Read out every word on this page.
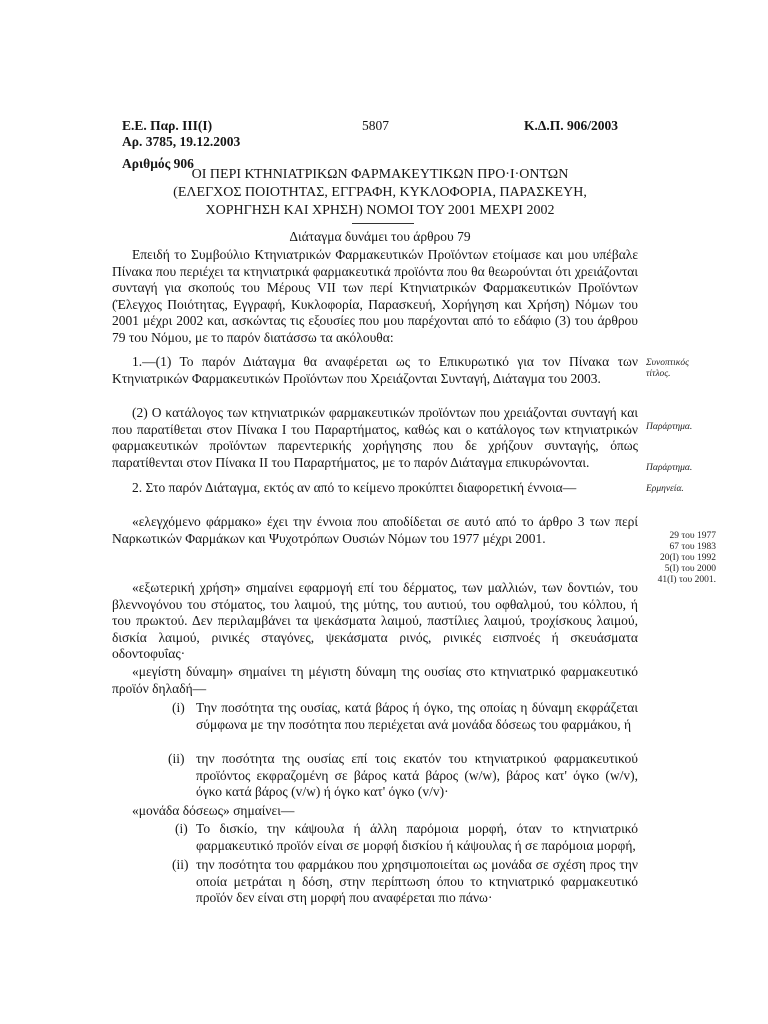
Ε.Ε. Παρ. ΙΙΙ(Ι)
Αρ. 3785, 19.12.2003
5807	Κ.Δ.Π. 906/2003
Αριθμός 906
ΟΙ ΠΕΡΙ ΚΤΗΝΙΑΤΡΙΚΩΝ ΦΑΡΜΑΚΕΥΤΙΚΩΝ ΠΡΟ·Ι·ΟΝΤΩΝ
(ΕΛΕΓΧΟΣ ΠΟΙΟΤΗΤΑΣ, ΕΓΓΡΑΦΗ, ΚΥΚΛΟΦΟΡΙΑ, ΠΑΡΑΣΚΕΥΗ,
ΧΟΡΗΓΗΣΗ ΚΑΙ ΧΡΗΣΗ) ΝΟΜΟΙ ΤΟΥ 2001 ΜΕΧΡΙ 2002
Διάταγμα δυνάμει του άρθρου 79
Επειδή το Συμβούλιο Κτηνιατρικών Φαρμακευτικών Προϊόντων ετοίμασε και μου υπέβαλε Πίνακα που περιέχει τα κτηνιατρικά φαρμακευτικά προϊόντα που θα θεωρούνται ότι χρειάζονται συνταγή για σκοπούς του Μέρους VII των περί Κτηνιατρικών Φαρμακευτικών Προϊόντων (Έλεγχος Ποιότητας, Εγγραφή, Κυκλοφορία, Παρασκευή, Χορήγηση και Χρήση) Νόμων του 2001 μέχρι 2002 και, ασκώντας τις εξουσίες που μου παρέχονται από το εδάφιο (3) του άρθρου 79 του Νόμου, με το παρόν διατάσσω τα ακόλουθα:
1.—(1) Το παρόν Διάταγμα θα αναφέρεται ως το Επικυρωτικό για τον Πίνακα των Κτηνιατρικών Φαρμακευτικών Προϊόντων που Χρειάζονται Συνταγή, Διάταγμα του 2003.
Συνοπτικός
τίτλος.
(2) Ο κατάλογος των κτηνιατρικών φαρμακευτικών προϊόντων που χρειάζονται συνταγή και που παρατίθεται στον Πίνακα Ι του Παραρτήματος, καθώς και ο κατάλογος των κτηνιατρικών φαρμακευτικών προϊόντων παρεντερικής χορήγησης που δε χρήζουν συνταγής, όπως παρατίθενται στον Πίνακα ΙΙ του Παραρτήματος, με το παρόν Διάταγμα επικυρώνονται.
Παράρτημα.
Παράρτημα.
2. Στο παρόν Διάταγμα, εκτός αν από το κείμενο προκύπτει διαφορετική έννοια—	Ερμηνεία.
«ελεγχόμενο φάρμακο» έχει την έννοια που αποδίδεται σε αυτό από το άρθρο 3 των περί Ναρκωτικών Φαρμάκων και Ψυχοτρόπων Ουσιών Νόμων του 1977 μέχρι 2001.	29 του 1977
67 του 1983
20(Ι) του 1992
5(Ι) του 2000
41(Ι) του 2001.
«εξωτερική χρήση» σημαίνει εφαρμογή επί του δέρματος, των μαλλιών, των δοντιών, του βλεννογόνου του στόματος, του λαιμού, της μύτης, του αυτιού, του οφθαλμού, του κόλπου, ή του πρωκτού. Δεν περιλαμβάνει τα ψεκάσματα λαιμού, παστίλιες λαιμού, τροχίσκους λαιμού, δισκία λαιμού, ρινικές σταγόνες, ψεκάσματα ρινός, ρινικές εισπνοές ή σκευάσματα οδοντοφυΐας·
«μεγίστη δύναμη» σημαίνει τη μέγιστη δύναμη της ουσίας στο κτηνιατρικό φαρμακευτικό προϊόν δηλαδή—
(i) Την ποσότητα της ουσίας, κατά βάρος ή όγκο, της οποίας η δύναμη εκφράζεται σύμφωνα με την ποσότητα που περιέχεται ανά μονάδα δόσεως του φαρμάκου, ή
(ii) την ποσότητα της ουσίας επί τοις εκατόν του κτηνιατρικού φαρμακευτικού προϊόντος εκφραζομένη σε βάρος κατά βάρος (w/w), βάρος κατ' όγκο (w/v), όγκο κατά βάρος (v/w) ή όγκο κατ' όγκο (v/v)·
«μονάδα δόσεως» σημαίνει—
(i) Το δισκίο, την κάψουλα ή άλλη παρόμοια μορφή, όταν το κτηνιατρικό φαρμακευτικό προϊόν είναι σε μορφή δισκίου ή κάψουλας ή σε παρόμοια μορφή,
(ii) την ποσότητα του φαρμάκου που χρησιμοποιείται ως μονάδα σε σχέση προς την οποία μετράται η δόση, στην περίπτωση όπου το κτηνιατρικό φαρμακευτικό προϊόν δεν είναι στη μορφή που αναφέρεται πιο πάνω·
